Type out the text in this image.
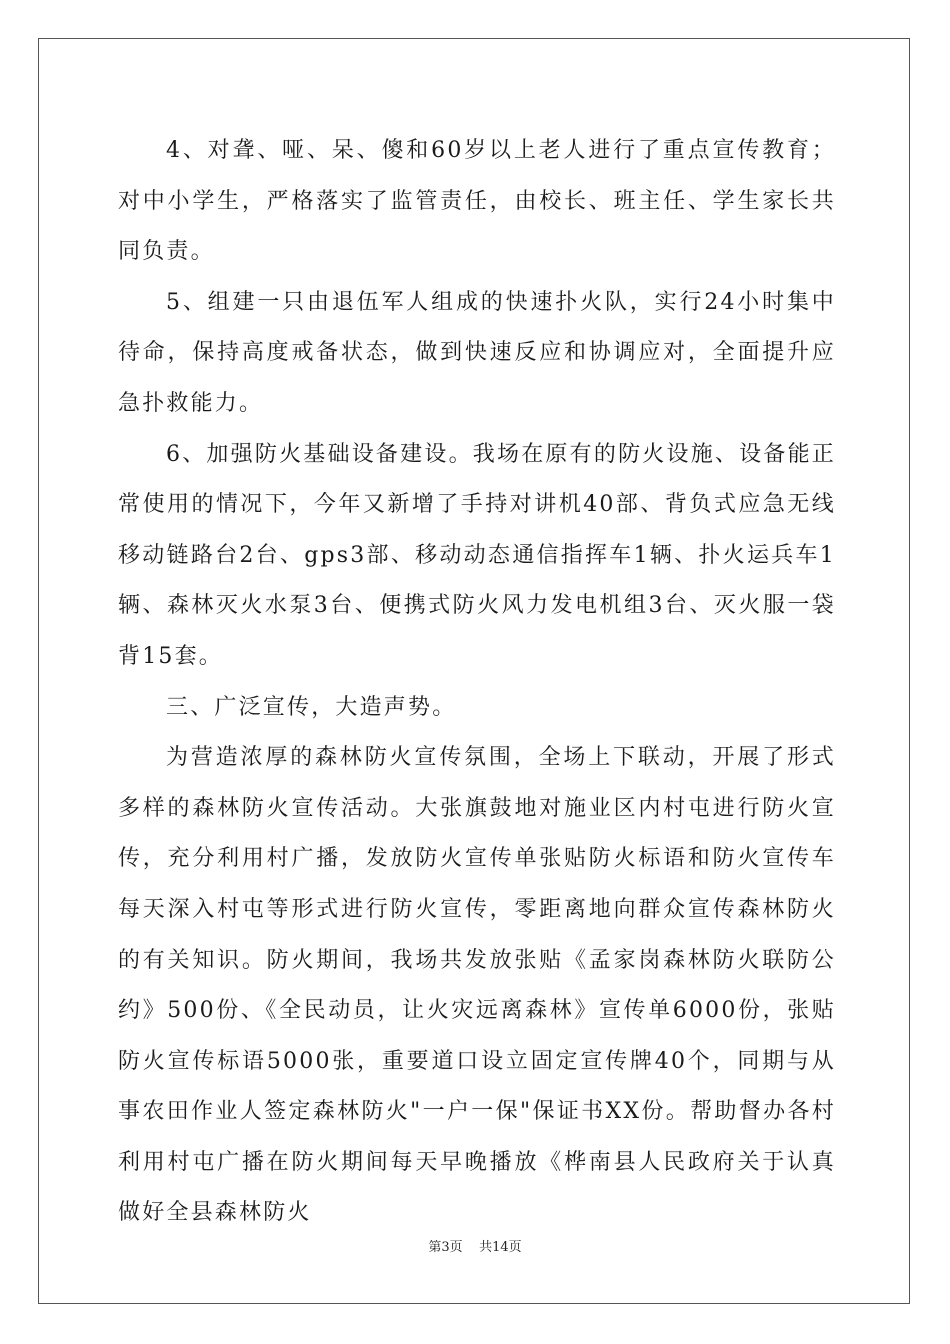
4、对聋、哑、呆、傻和60岁以上老人进行了重点宣传教育；对中小学生，严格落实了监管责任，由校长、班主任、学生家长共同负责。

5、组建一只由退伍军人组成的快速扑火队，实行24小时集中待命，保持高度戒备状态，做到快速反应和协调应对，全面提升应急扑救能力。

6、加强防火基础设备建设。我场在原有的防火设施、设备能正常使用的情况下，今年又新增了手持对讲机40部、背负式应急无线移动链路台2台、gps3部、移动动态通信指挥车1辆、扑火运兵车1辆、森林灭火水泵3台、便携式防火风力发电机组3台、灭火服一袋背15套。

三、广泛宣传，大造声势。

为营造浓厚的森林防火宣传氛围，全场上下联动，开展了形式多样的森林防火宣传活动。大张旗鼓地对施业区内村屯进行防火宣传，充分利用村广播，发放防火宣传单张贴防火标语和防火宣传车每天深入村屯等形式进行防火宣传，零距离地向群众宣传森林防火的有关知识。防火期间，我场共发放张贴《孟家岗森林防火联防公约》500份、《全民动员，让火灾远离森林》宣传单6000份，张贴防火宣传标语5000张，重要道口设立固定宣传牌40个，同期与从事农田作业人签定森林防火"一户一保"保证书XX份。帮助督办各村利用村屯广播在防火期间每天早晚播放《桦南县人民政府关于认真做好全县森林防火

第3页 共14页
